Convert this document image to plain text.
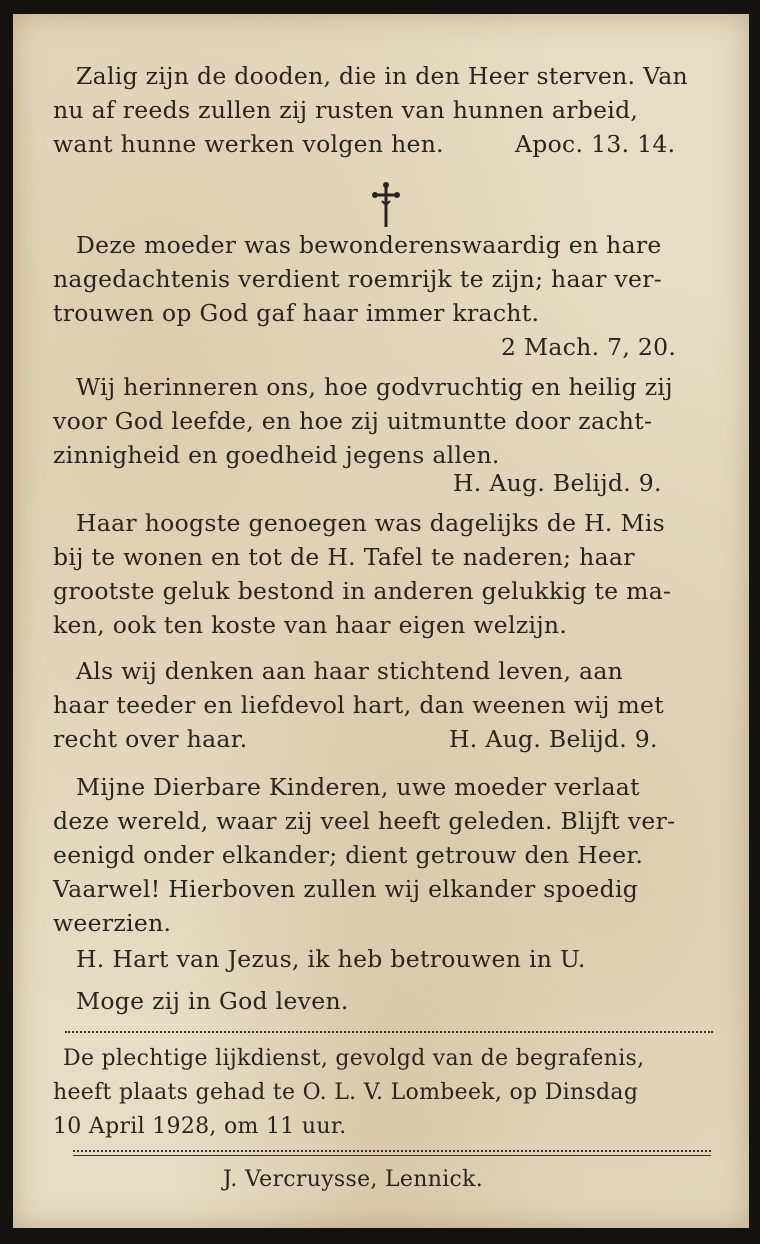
Zalig zijn de dooden, die in den Heer sterven. Van
nu af reeds zullen zij rusten van hunnen arbeid,
want hunne werken volgen hen.	Apoc. 13. 14.
Deze moeder was bewonderenswaardig en hare
nagedachtenis verdient roemrijk te zijn; haar ver-
trouwen op God gaf haar immer kracht.
2 Mach. 7, 20.
Wij herinneren ons, hoe godvruchtig en heilig zij
voor God leefde, en hoe zij uitmuntte door zacht-
zinnigheid en goedheid jegens allen.
H. Aug. Belijd. 9.
Haar hoogste genoegen was dagelijks de H. Mis
bij te wonen en tot de H. Tafel te naderen; haar
grootste geluk bestond in anderen gelukkig te ma-
ken, ook ten koste van haar eigen welzijn.
Als wij denken aan haar stichtend leven, aan
haar teeder en liefdevol hart, dan weenen wij met
recht over haar.	H. Aug. Belijd. 9.
Mijne Dierbare Kinderen, uwe moeder verlaat
deze wereld, waar zij veel heeft geleden. Blijft ver-
eenigd onder elkander; dient getrouw den Heer.
Vaarwel! Hierboven zullen wij elkander spoedig
weerzien.
H. Hart van Jezus, ik heb betrouwen in U.
Moge zij in God leven.
De plechtige lijkdienst, gevolgd van de begrafenis,
heeft plaats gehad te O. L. V. Lombeek, op Dinsdag
10 April 1928, om 11 uur.
J. Vercruysse, Lennick.
